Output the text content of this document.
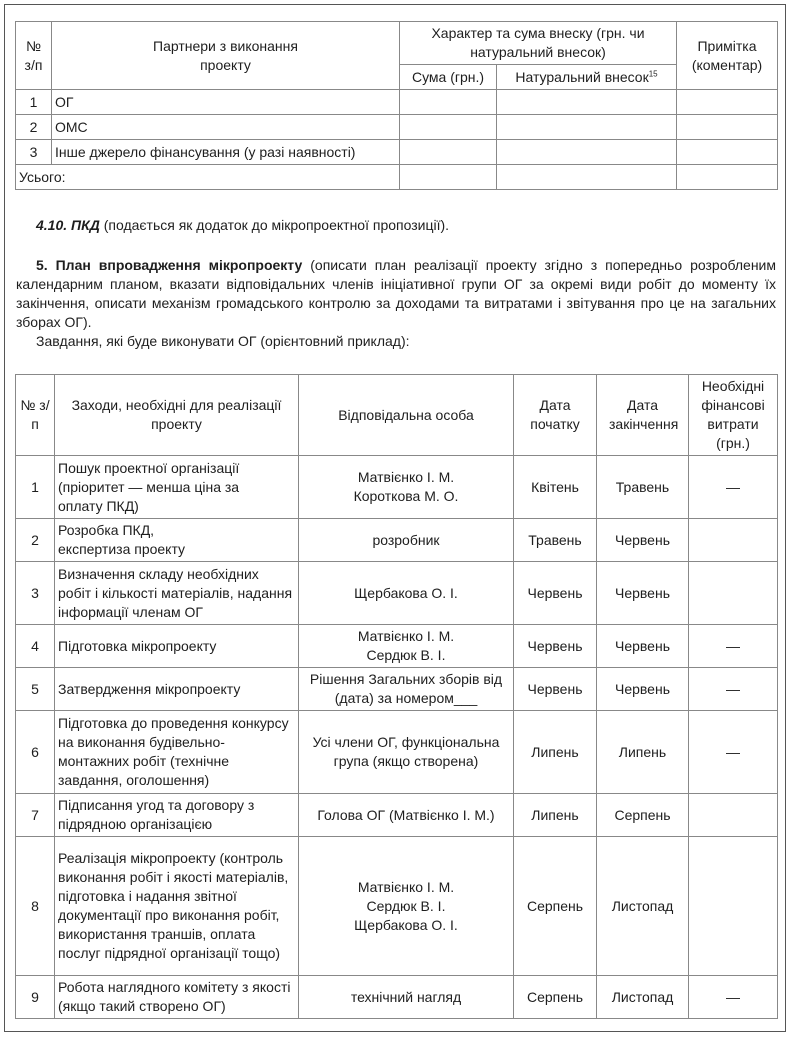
№ з/п	Партнери з виконання проекту	Характер та сума внеску (грн. чи натуральний внесок)		Примітка (коментар)
		Сума (грн.)	Натуральний внесок$^{15}$
1	ОГ			
2	ОМС			
3	Інше джерело фінансування (у разі наявності)			
Усього:				

4.10. ПКД (подається як додаток до мікропроектної пропозиції).

5. План впровадження мікропроекту (описати план реалізації проекту згідно з попередньо розробленим календарним планом, вказати відповідальних членів ініціативної групи ОГ за окремі види робіт до моменту їх закінчення, описати механізм громадського контролю за доходами та витратами і звітування про це на загальних зборах ОГ).

Завдання, які буде виконувати ОГ (орієнтовний приклад):

№ з/п	Заходи, необхідні для реалізації проекту	Відповідальна особа	Дата початку	Дата закінчення	Необхідні фінансові витрати (грн.)
1	Пошук проектної організації (пріоритет — менша ціна за оплату ПКД)	Матвієнко І. М. Короткова М. О.	Квітень	Травень	—
2	Розробка ПКД, експертиза проекту	розробник	Травень	Червень	
3	Визначення складу необхідних робіт і кількості матеріалів, надання інформації членам ОГ	Щербакова О. І.	Червень	Червень	
4	Підготовка мікропроекту	Матвієнко І. М. Сердюк В. І.	Червень	Червень	—
5	Затвердження мікропроекту	Рішення Загальних зборів від (дата) за номером___	Червень	Червень	—
6	Підготовка до проведення конкурсу на виконання будівельно-монтажних робіт (технічне завдання, оголошення)	Усі члени ОГ, функціональна група (якщо створена)	Липень	Липень	—
7	Підписання угод та договору з підрядною організацією	Голова ОГ (Матвієнко І. М.)	Липень	Серпень	
8	Реалізація мікропроекту (контроль виконання робіт і якості матеріалів, підготовка і надання звітної документації про виконання робіт, використання траншів, оплата послуг підрядної організації тощо)	Матвієнко І. М. Сердюк В. І. Щербакова О. І.	Серпень	Листопад	
9	Робота наглядного комітету з якості (якщо такий створено ОГ)	технічний нагляд	Серпень	Листопад	—
